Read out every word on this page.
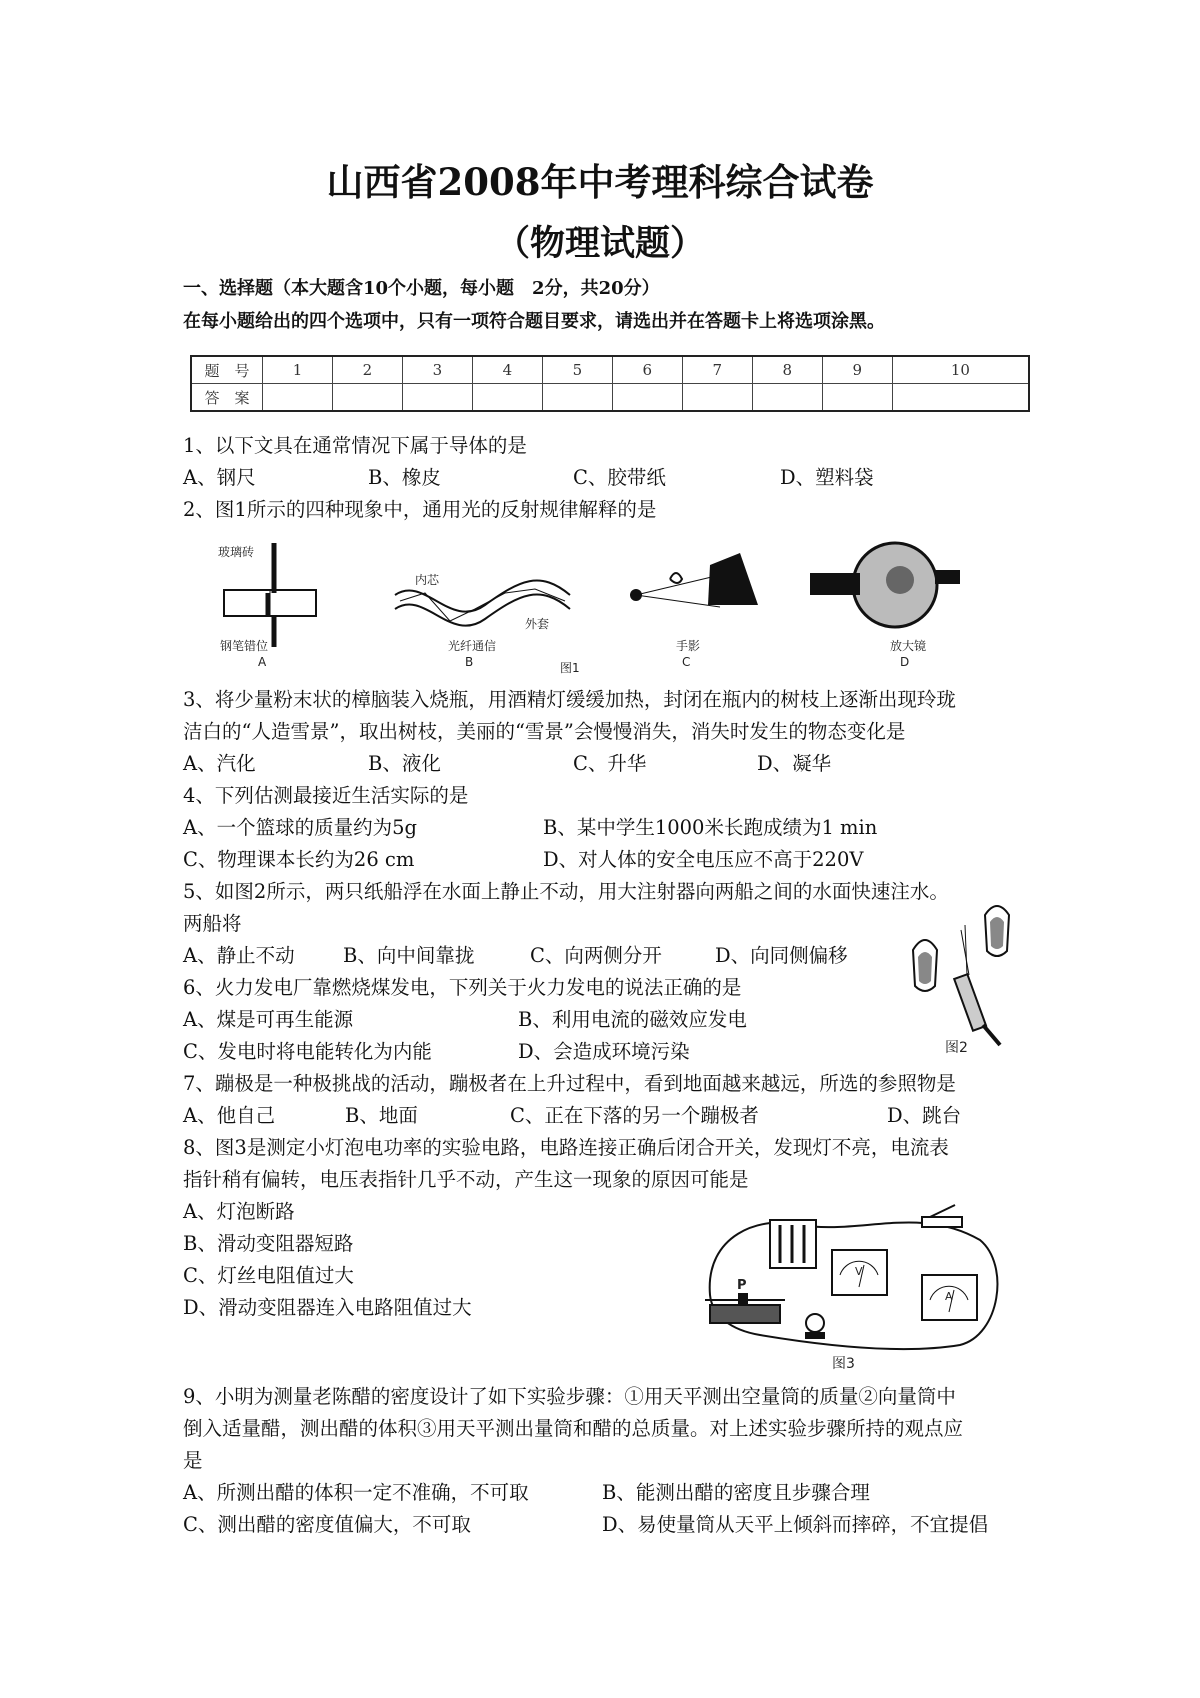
山西省2008年中考理科综合试卷
（物理试题）
一、选择题（本大题含10个小题，每小题　2分，共20分）
在每小题给出的四个选项中，只有一项符合题目要求，请选出并在答题卡上将选项涂黑。
题　号	1	2	3	4	5	6	7	8	9	10
答　案										
1、以下文具在通常情况下属于导体的是
A、钢尺	B、橡皮	C、胶带纸	D、塑料袋
2、图1所示的四种现象中，通用光的反射规律解释的是
玻璃砖
钢笔错位
A
内芯
外套
光纤通信
B	图1
手影
C
放大镜
D
3、将少量粉末状的樟脑装入烧瓶，用酒精灯缓缓加热，封闭在瓶内的树枝上逐渐出现玲珑
洁白的“人造雪景”，取出树枝，美丽的“雪景”会慢慢消失，消失时发生的物态变化是
A、汽化	B、液化	C、升华	D、凝华
4、下列估测最接近生活实际的是
A、一个篮球的质量约为5g	B、某中学生1000米长跑成绩为1 min
C、物理课本长约为26 cm	D、对人体的安全电压应不高于220V
5、如图2所示，两只纸船浮在水面上静止不动，用大注射器向两船之间的水面快速注水。
两船将
A、静止不动 B、向中间靠拢	C、向两侧分开	D、向同侧偏移
图2
6、火力发电厂靠燃烧煤发电，下列关于火力发电的说法正确的是
A、煤是可再生能源	B、利用电流的磁效应发电
C、发电时将电能转化为内能	D、会造成环境污染
7、蹦极是一种极挑战的活动，蹦极者在上升过程中，看到地面越来越远，所选的参照物是
A、他自己	B、地面	C、正在下落的另一个蹦极者	D、跳台
8、图3是测定小灯泡电功率的实验电路，电路连接正确后闭合开关，发现灯不亮，电流表
指针稍有偏转，电压表指针几乎不动，产生这一现象的原因可能是
A、灯泡断路
B、滑动变阻器短路
C、灯丝电阻值过大
D、滑动变阻器连入电路阻值过大
P
V
A
图3
9、小明为测量老陈醋的密度设计了如下实验步骤：①用天平测出空量筒的质量②向量筒中
倒入适量醋，测出醋的体积③用天平测出量筒和醋的总质量。对上述实验步骤所持的观点应
是
A、所测出醋的体积一定不准确，不可取	B、能测出醋的密度且步骤合理
C、测出醋的密度值偏大，不可取	D、易使量筒从天平上倾斜而摔碎，不宜提倡
